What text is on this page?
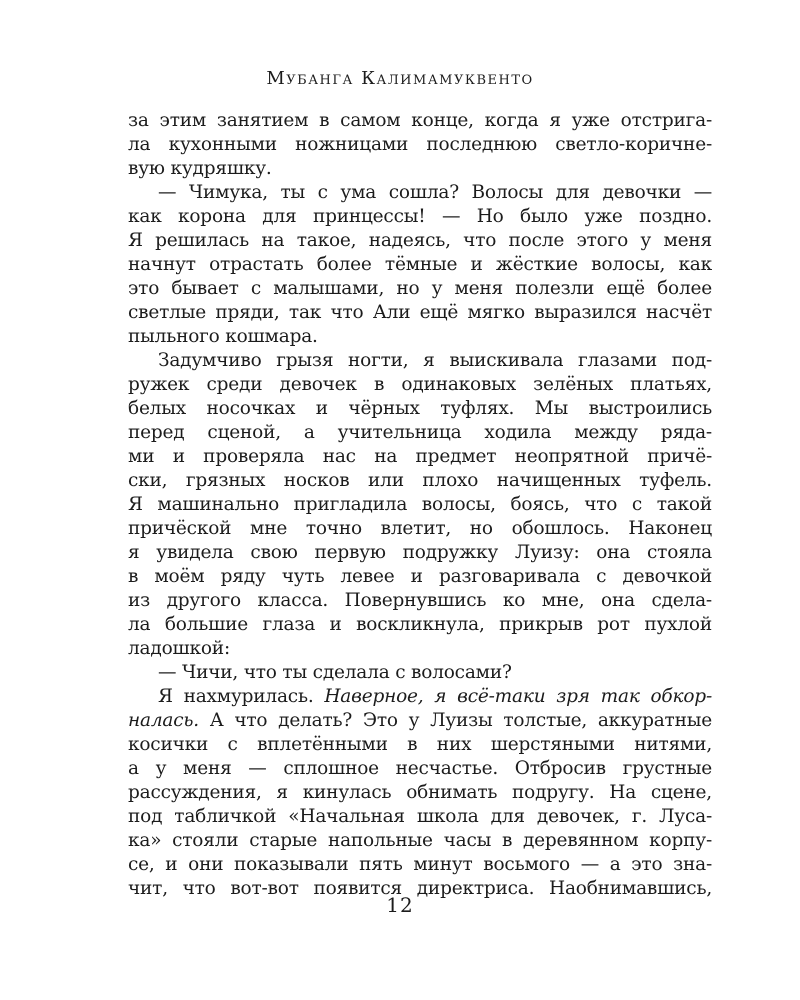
Мубанга Калимамуквенто
за этим занятием в самом конце, когда я уже отстрига-
ла кухонными ножницами последнюю светло-коричне-
вую кудряшку.
— Чимука, ты с ума сошла? Волосы для девочки —
как корона для принцессы! — Но было уже поздно.
Я решилась на такое, надеясь, что после этого у меня
начнут отрастать более тёмные и жёсткие волосы, как
это бывает с малышами, но у меня полезли ещё более
светлые пряди, так что Али ещё мягко выразился насчёт
пыльного кошмара.
Задумчиво грызя ногти, я выискивала глазами под-
ружек среди девочек в одинаковых зелёных платьях,
белых носочках и чёрных туфлях. Мы выстроились
перед сценой, а учительница ходила между ряда-
ми и проверяла нас на предмет неопрятной причё-
ски, грязных носков или плохо начищенных туфель.
Я машинально пригладила волосы, боясь, что с такой
причёской мне точно влетит, но обошлось. Наконец
я увидела свою первую подружку Луизу: она стояла
в моём ряду чуть левее и разговаривала с девочкой
из другого класса. Повернувшись ко мне, она сдела-
ла большие глаза и воскликнула, прикрыв рот пухлой
ладошкой:
— Чичи, что ты сделала с волосами?
Я нахмурилась. Наверное, я всё-таки зря так обкор-
налась. А что делать? Это у Луизы толстые, аккуратные
косички с вплетёнными в них шерстяными нитями,
а у меня — сплошное несчастье. Отбросив грустные
рассуждения, я кинулась обнимать подругу. На сцене,
под табличкой «Начальная школа для девочек, г. Луса-
ка» стояли старые напольные часы в деревянном корпу-
се, и они показывали пять минут восьмого — а это зна-
чит, что вот-вот появится директриса. Наобнимавшись,
12
